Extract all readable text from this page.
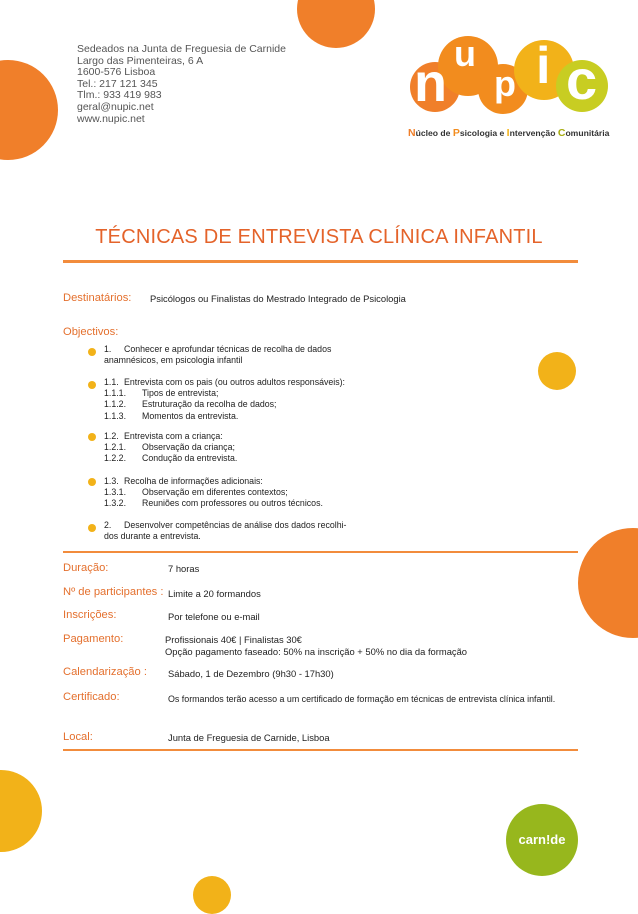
Sedeados na Junta de Freguesia de Carnide
Largo das Pimenteiras, 6 A
1600-576 Lisboa
Tel.: 217 121 345
Tlm.: 933 419 983
geral@nupic.net
www.nupic.net
n u
p i c
Núcleo de Psicologia e Intervenção Comunitária
TÉCNICAS DE ENTREVISTA CLÍNICA INFANTIL
Destinatários: Psicólogos ou Finalistas do Mestrado Integrado de Psicologia
Objectivos:
1. Conhecer e aprofundar técnicas de recolha de dados
anamnésicos, em psicologia infantil
1.1. Entrevista com os pais (ou outros adultos responsáveis):
1.1.1. Tipos de entrevista;
1.1.2. Estruturação da recolha de dados;
1.1.3. Momentos da entrevista.
1.2. Entrevista com a criança:
1.2.1. Observação da criança;
1.2.2. Condução da entrevista.
1.3. Recolha de informações adicionais:
1.3.1. Observação em diferentes contextos;
1.3.2. Reuniões com professores ou outros técnicos.
2. Desenvolver competências de análise dos dados recolhi-
dos durante a entrevista.
Duração:	7 horas
Nº de participantes : Limite a 20 formandos
Inscrições:	Por telefone ou e-mail
Pagamento:	Profissionais 40€ | Finalistas 30€
Opção pagamento faseado: 50% na inscrição + 50% no dia da formação
Calendarização : Sábado, 1 de Dezembro (9h30 - 17h30)
Certificado:	Os formandos terão acesso a um certificado de formação em técnicas de entrevista clínica infantil.
Local:	Junta de Freguesia de Carnide, Lisboa
carn!de
